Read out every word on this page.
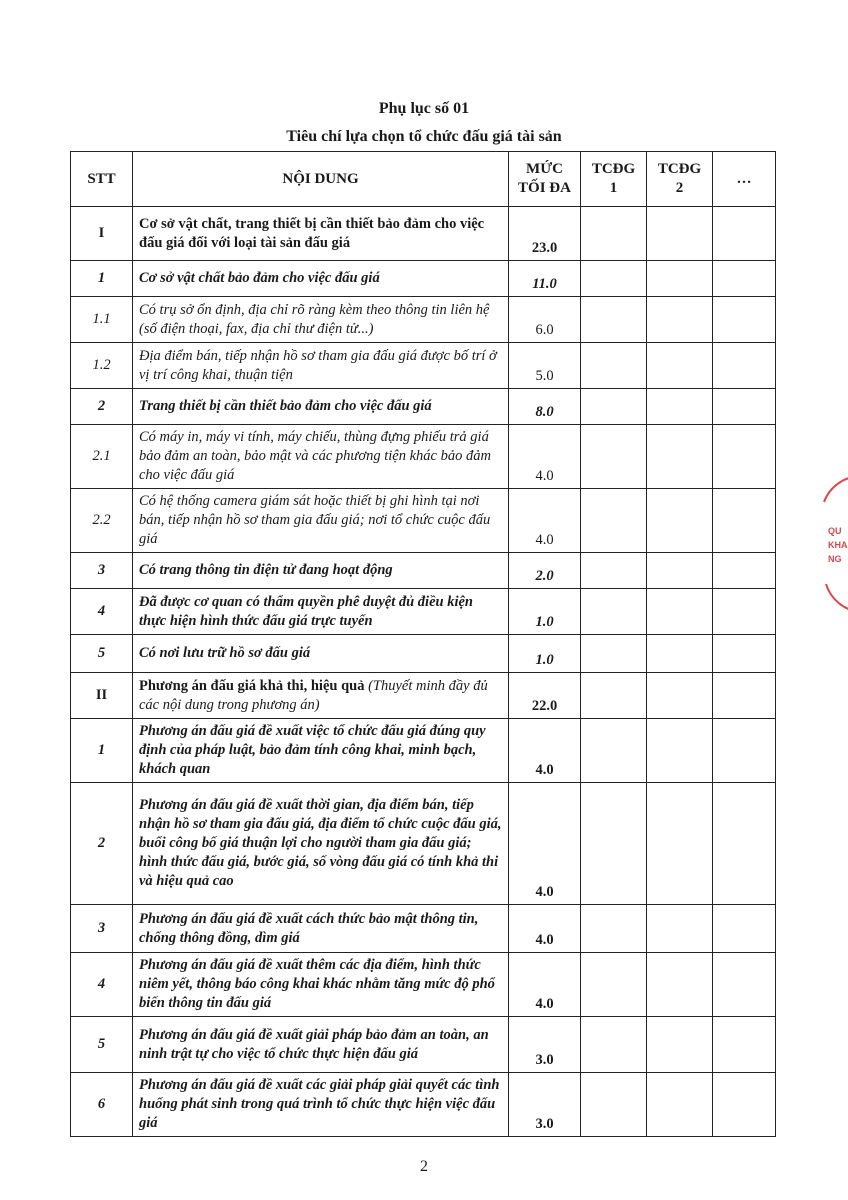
Phụ lục số 01
Tiêu chí lựa chọn tổ chức đấu giá tài sản
STT	NỘI DUNG	MỨC TỐI ĐA	TCĐG 1	TCĐG 2	…
I	Cơ sở vật chất, trang thiết bị cần thiết bảo đảm cho việc đấu giá đối với loại tài sản đấu giá	23.0			
1	Cơ sở vật chất bảo đảm cho việc đấu giá	11.0			
1.1	Có trụ sở ổn định, địa chỉ rõ ràng kèm theo thông tin liên hệ (số điện thoại, fax, địa chỉ thư điện tử...)	6.0			
1.2	Địa điểm bán, tiếp nhận hồ sơ tham gia đấu giá được bố trí ở vị trí công khai, thuận tiện	5.0			
2	Trang thiết bị cần thiết bảo đảm cho việc đấu giá	8.0			
2.1	Có máy in, máy vi tính, máy chiếu, thùng đựng phiếu trả giá bảo đảm an toàn, bảo mật và các phương tiện khác bảo đảm cho việc đấu giá	4.0			
2.2	Có hệ thống camera giám sát hoặc thiết bị ghi hình tại nơi bán, tiếp nhận hồ sơ tham gia đấu giá; nơi tổ chức cuộc đấu giá	4.0			
3	Có trang thông tin điện tử đang hoạt động	2.0			
4	Đã được cơ quan có thẩm quyền phê duyệt đủ điều kiện thực hiện hình thức đấu giá trực tuyến	1.0			
5	Có nơi lưu trữ hồ sơ đấu giá	1.0			
II	Phương án đấu giá khả thi, hiệu quả (Thuyết minh đầy đủ các nội dung trong phương án)	22.0			
1	Phương án đấu giá đề xuất việc tổ chức đấu giá đúng quy định của pháp luật, bảo đảm tính công khai, minh bạch, khách quan	4.0			
2	Phương án đấu giá đề xuất thời gian, địa điểm bán, tiếp nhận hồ sơ tham gia đấu giá, địa điểm tổ chức cuộc đấu giá, buổi công bố giá thuận lợi cho người tham gia đấu giá; hình thức đấu giá, bước giá, số vòng đấu giá có tính khả thi và hiệu quả cao	4.0			
3	Phương án đấu giá đề xuất cách thức bảo mật thông tin, chống thông đồng, dìm giá	4.0			
4	Phương án đấu giá đề xuất thêm các địa điểm, hình thức niêm yết, thông báo công khai khác nhằm tăng mức độ phổ biến thông tin đấu giá	4.0			
5	Phương án đấu giá đề xuất giải pháp bảo đảm an toàn, an ninh trật tự cho việc tổ chức thực hiện đấu giá	3.0			
6	Phương án đấu giá đề xuất các giải pháp giải quyết các tình huống phát sinh trong quá trình tổ chức thực hiện việc đấu giá	3.0			
2
QU
KHA
NG
